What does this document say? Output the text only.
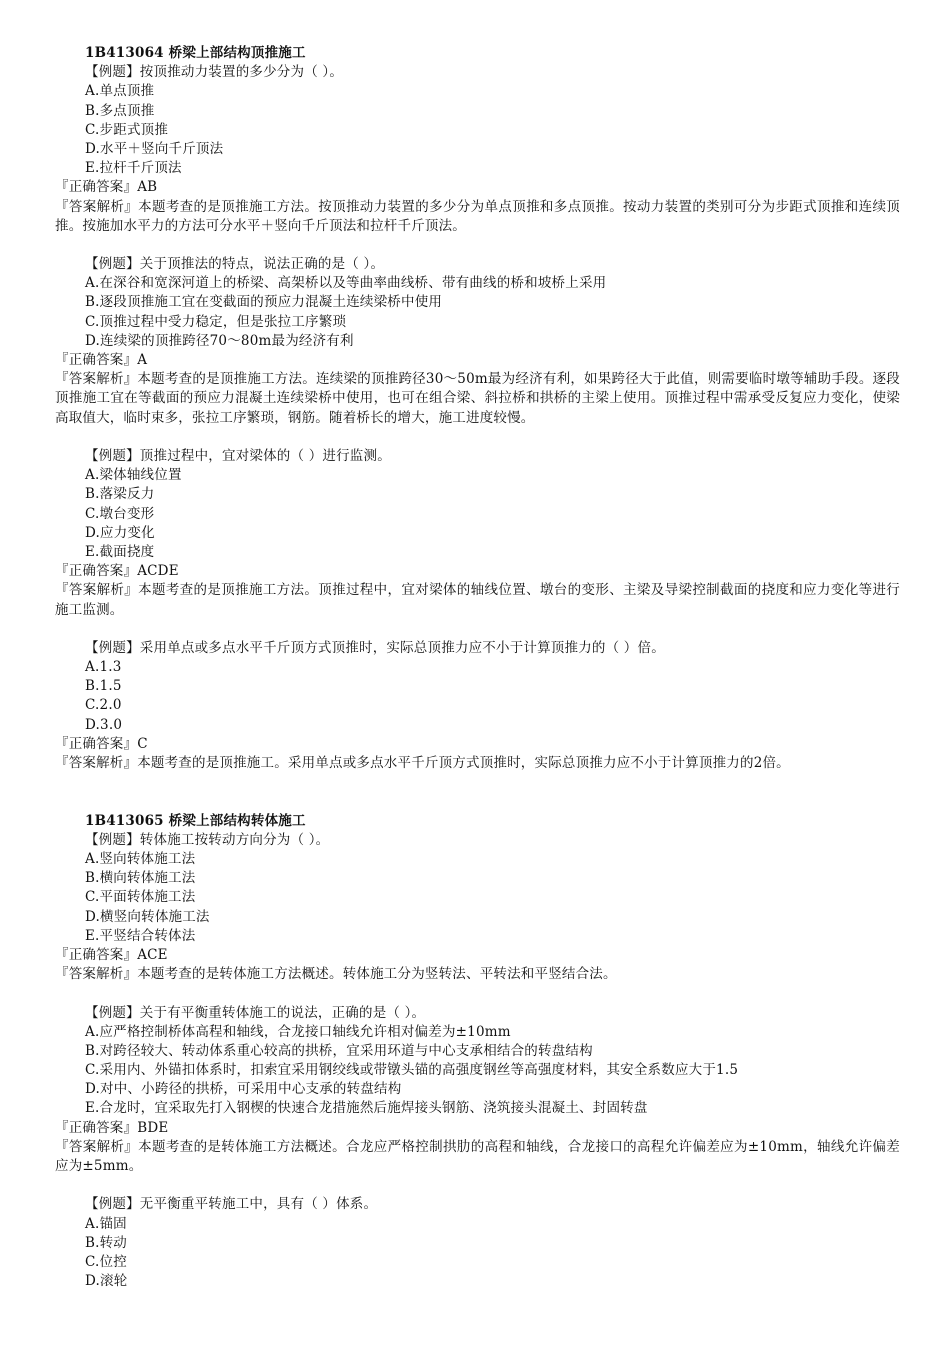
1B413064 桥梁上部结构顶推施工
【例题】按顶推动力装置的多少分为（ ）。
A.单点顶推
B.多点顶推
C.步距式顶推
D.水平＋竖向千斤顶法
E.拉杆千斤顶法
『正确答案』AB
『答案解析』本题考查的是顶推施工方法。按顶推动力装置的多少分为单点顶推和多点顶推。按动力装置的类别可分为步距式顶推和连续顶推。按施加水平力的方法可分水平＋竖向千斤顶法和拉杆千斤顶法。
【例题】关于顶推法的特点，说法正确的是（ ）。
A.在深谷和宽深河道上的桥梁、高架桥以及等曲率曲线桥、带有曲线的桥和坡桥上采用
B.逐段顶推施工宜在变截面的预应力混凝土连续梁桥中使用
C.顶推过程中受力稳定，但是张拉工序繁琐
D.连续梁的顶推跨径70～80m最为经济有利
『正确答案』A
『答案解析』本题考查的是顶推施工方法。连续梁的顶推跨径30～50m最为经济有利，如果跨径大于此值，则需要临时墩等辅助手段。逐段顶推施工宜在等截面的预应力混凝土连续梁桥中使用，也可在组合梁、斜拉桥和拱桥的主梁上使用。顶推过程中需承受反复应力变化，使梁高取值大，临时束多，张拉工序繁琐，钢筋。随着桥长的增大，施工进度较慢。
【例题】顶推过程中，宜对梁体的（ ）进行监测。
A.梁体轴线位置
B.落梁反力
C.墩台变形
D.应力变化
E.截面挠度
『正确答案』ACDE
『答案解析』本题考查的是顶推施工方法。顶推过程中，宜对梁体的轴线位置、墩台的变形、主梁及导梁控制截面的挠度和应力变化等进行施工监测。
【例题】采用单点或多点水平千斤顶方式顶推时，实际总顶推力应不小于计算顶推力的（ ）倍。
A.1.3
B.1.5
C.2.0
D.3.0
『正确答案』C
『答案解析』本题考查的是顶推施工。采用单点或多点水平千斤顶方式顶推时，实际总顶推力应不小于计算顶推力的2倍。
1B413065 桥梁上部结构转体施工
【例题】转体施工按转动方向分为（ ）。
A.竖向转体施工法
B.横向转体施工法
C.平面转体施工法
D.横竖向转体施工法
E.平竖结合转体法
『正确答案』ACE
『答案解析』本题考查的是转体施工方法概述。转体施工分为竖转法、平转法和平竖结合法。
【例题】关于有平衡重转体施工的说法，正确的是（ ）。
A.应严格控制桥体高程和轴线，合龙接口轴线允许相对偏差为±10mm
B.对跨径较大、转动体系重心较高的拱桥，宜采用环道与中心支承相结合的转盘结构
C.采用内、外锚扣体系时，扣索宜采用钢绞线或带镦头锚的高强度钢丝等高强度材料，其安全系数应大于1.5
D.对中、小跨径的拱桥，可采用中心支承的转盘结构
E.合龙时，宜采取先打入钢楔的快速合龙措施然后施焊接头钢筋、浇筑接头混凝土、封固转盘
『正确答案』BDE
『答案解析』本题考查的是转体施工方法概述。合龙应严格控制拱肋的高程和轴线，合龙接口的高程允许偏差应为±10mm，轴线允许偏差应为±5mm。
【例题】无平衡重平转施工中，具有（ ）体系。
A.锚固
B.转动
C.位控
D.滚轮
